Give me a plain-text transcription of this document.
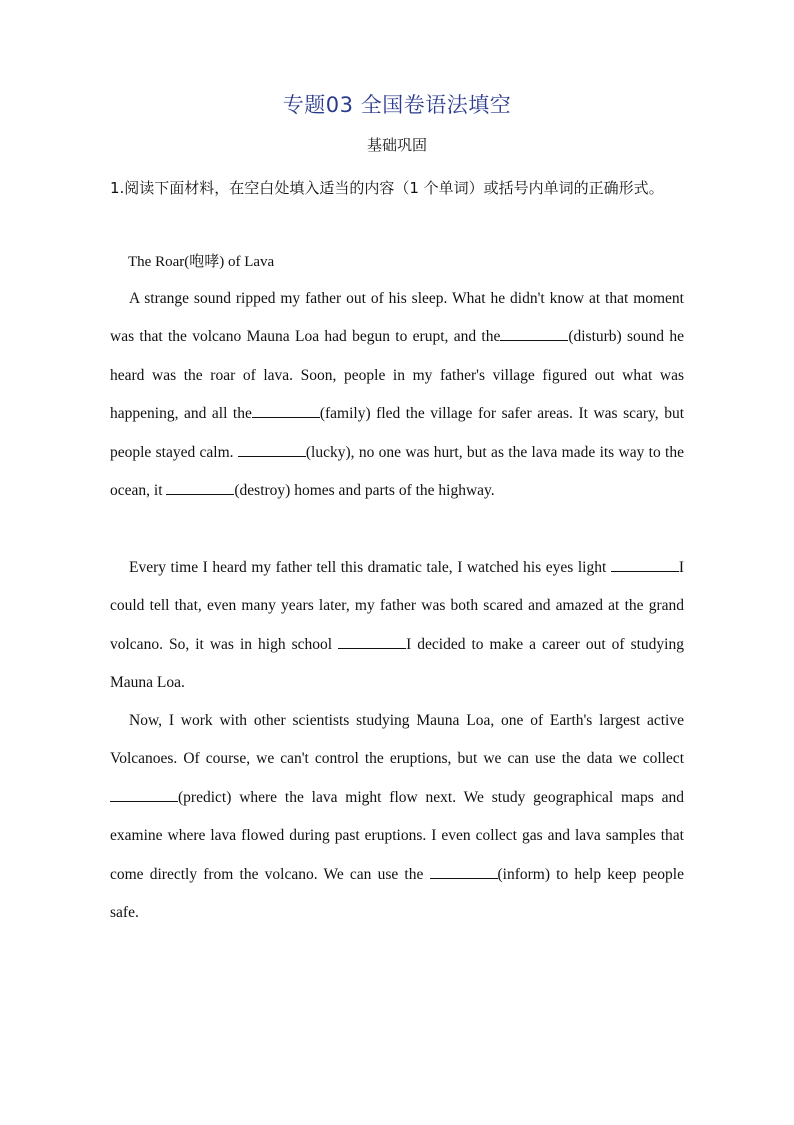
专题03 全国卷语法填空
基础巩固
1.阅读下面材料，在空白处填入适当的内容（1 个单词）或括号内单词的正确形式。
The Roar(咆哮) of Lava

A strange sound ripped my father out of his sleep. What he didn't know at that moment was that the volcano Mauna Loa had begun to erupt, and the	(disturb) sound he heard was the roar of lava. Soon, people in my father's village figured out what was happening, and all the	(family) fled the village for safer areas. It was scary, but people stayed calm.	(lucky), no one was hurt, but as the lava made its way to the ocean, it	(destroy) homes and parts of the highway.

Every time I heard my father tell this dramatic tale, I watched his eyes light	I could tell that, even many years later, my father was both scared and amazed at the grand volcano. So, it was in high school	I decided to make a career out of studying Mauna Loa.

Now, I work with other scientists studying Mauna Loa, one of Earth's largest active Volcanoes. Of course, we can't control the eruptions, but we can use the data we collect(predict) where the lava might flow next. We study geographical maps and examine where lava flowed during past eruptions. I even collect gas and lava samples that come directly from the volcano. We can use the	(inform) to help keep people safe.
